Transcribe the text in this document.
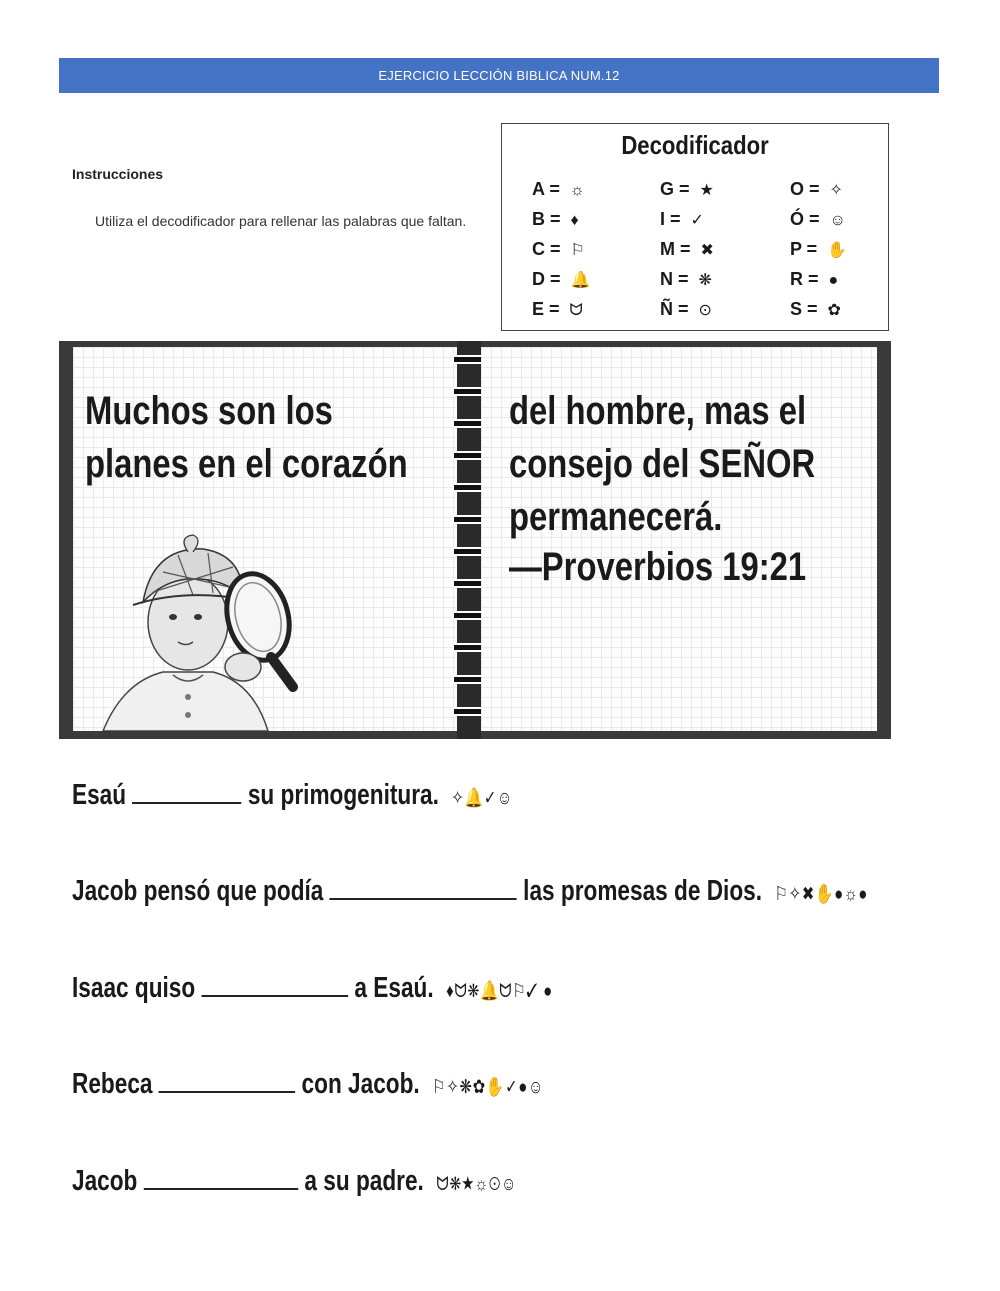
EJERCICIO LECCIÓN BIBLICA NUM.12
Instrucciones
Utiliza el decodificador para rellenar las palabras que faltan.
Decodificador
A = ☼
B = ♦
C = ⚐
D = 🔔
E = ᗢ
G = ★
I = ✓
M = ✖
N = ❋
Ñ = ⊙
O = ✧
Ó = ☺
P = ✋
R = ●
S = ✿
Muchos son los
planes en el corazón
del hombre, mas el
consejo del SEÑOR
permanecerá.
—Proverbios 19:21
Esaú	su primogenitura. ✧🔔✓☺
Jacob pensó que podía	las promesas de Dios. ⚐✧✖✋●☼●
Isaac quiso	a Esaú. ♦ᗢ❋🔔ᗢ⚐✓ ●
Rebeca	con Jacob. ⚐✧❋✿✋✓●☺
Jacob	a su padre. ᗢ❋★☼⊙☺
